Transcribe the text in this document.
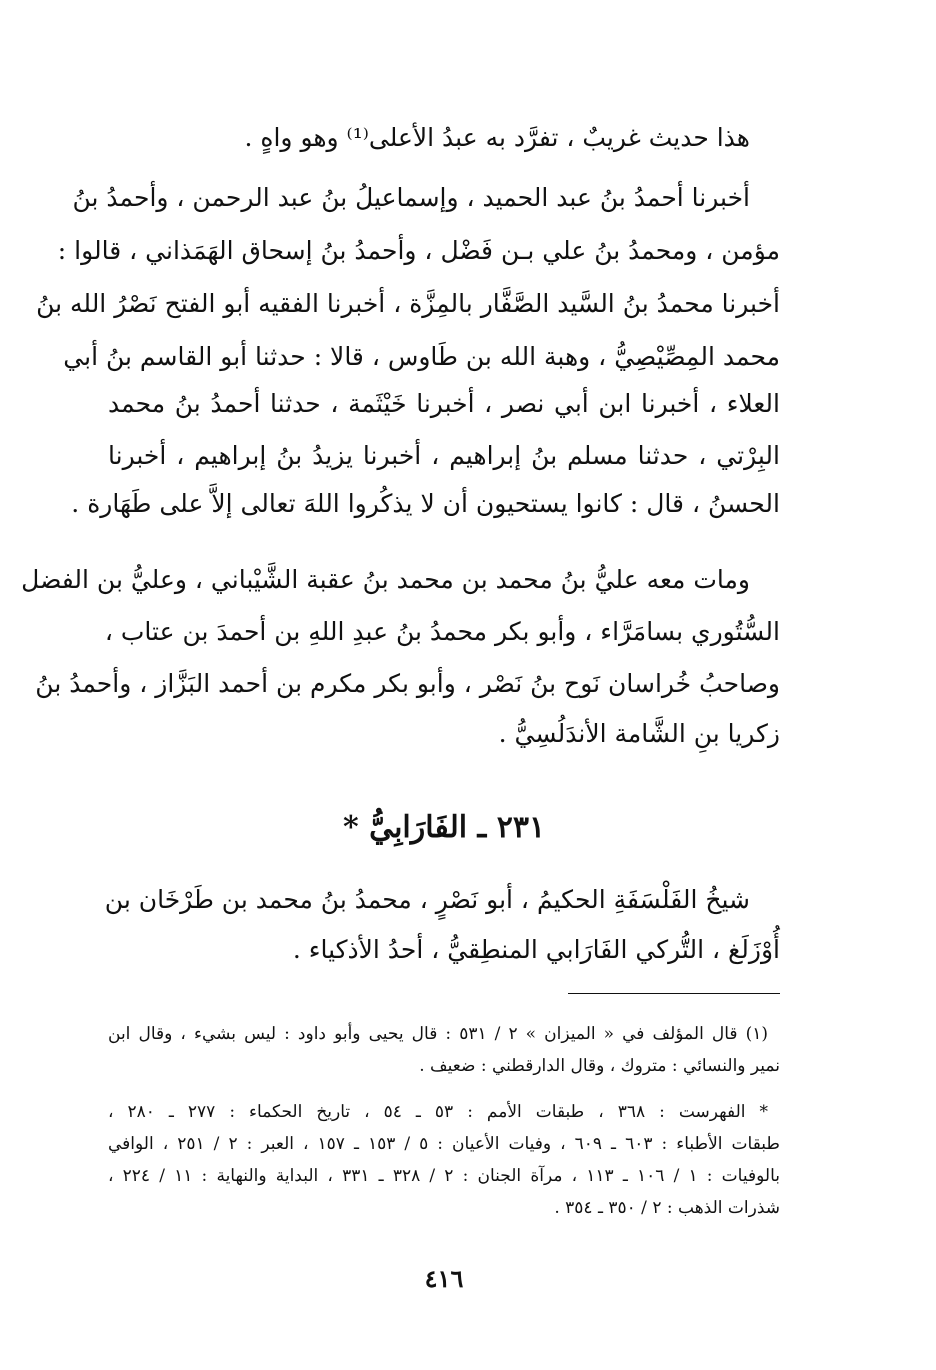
هذا حديث غريبٌ ، تفرَّد به عبدُ الأعلى⁽¹⁾ وهو واهٍ .
أخبرنا أحمدُ بنُ عبد الحميد ، وإسماعيلُ بنُ عبد الرحمن ، وأحمدُ بنُ
مؤمن ، ومحمدُ بنُ علي بـن فَضْل ، وأحمدُ بنُ إسحاق الهَمَذاني ، قالوا :
أخبرنا محمدُ بنُ السَّيد الصَّفَّار بالمِزَّة ، أخبرنا الفقيه أبو الفتح نَصْرُ الله بنُ
محمد المِصِّيْصِيُّ ، وهبة الله بن طَاوس ، قالا : حدثنا أبو القاسم بنُ أبي
العلاء ، أخبرنا ابن أبي نصر ، أخبرنا خَيْثَمة ، حدثنا أحمدُ بنُ محمد
البِرْتي ، حدثنا مسلم بنُ إبراهيم ، أخبرنا يزيدُ بنُ إبراهيم ، أخبرنا
الحسنُ ، قال : كانوا يستحيون أن لا يذكُروا اللهَ تعالى إلاَّ على طَهَارة .
ومات معه عليُّ بنُ محمد بن محمد بنُ عقبة الشَّيْباني ، وعليُّ بن الفضل
السُّتُوري بسامَرَّاء ، وأبو بكر محمدُ بنُ عبدِ اللهِ بن أحمدَ بن عتاب ،
وصاحبُ خُراسان نَوح بنُ نَصْر ، وأبو بكر مكرم بن أحمد البَزَّاز ، وأحمدُ بنُ
زكريا بنِ الشَّامة الأندَلُسِيُّ .
٢٣١ ـ الفَارَابِيُّ *
شيخُ الفَلْسَفَةِ الحكيمُ ، أبو نَصْرٍ ، محمدُ بنُ محمد بن طَرْخَان بن
أُوْزَلَغ ، التُّركي الفَارَابي المنطِقيُّ ، أحدُ الأذكياء .
(١) قال المؤلف في « الميزان » ٢ / ٥٣١ : قال يحيى وأبو داود : ليس بشيء ، وقال ابن
نمير والنسائي : متروك ، وقال الدارقطني : ضعيف .
* الفهرست : ٣٦٨ ، طبقات الأمم : ٥٣ ـ ٥٤ ، تاريخ الحكماء : ٢٧٧ ـ ٢٨٠ ،
طبقات الأطباء : ٦٠٣ ـ ٦٠٩ ، وفيات الأعيان : ٥ / ١٥٣ ـ ١٥٧ ، العبر : ٢ / ٢٥١ ، الوافي
بالوفيات : ١ / ١٠٦ ـ ١١٣ ، مرآة الجنان : ٢ / ٣٢٨ ـ ٣٣١ ، البداية والنهاية : ١١ / ٢٢٤ ،
شذرات الذهب : ٢ / ٣٥٠ ـ ٣٥٤ .
٤١٦
